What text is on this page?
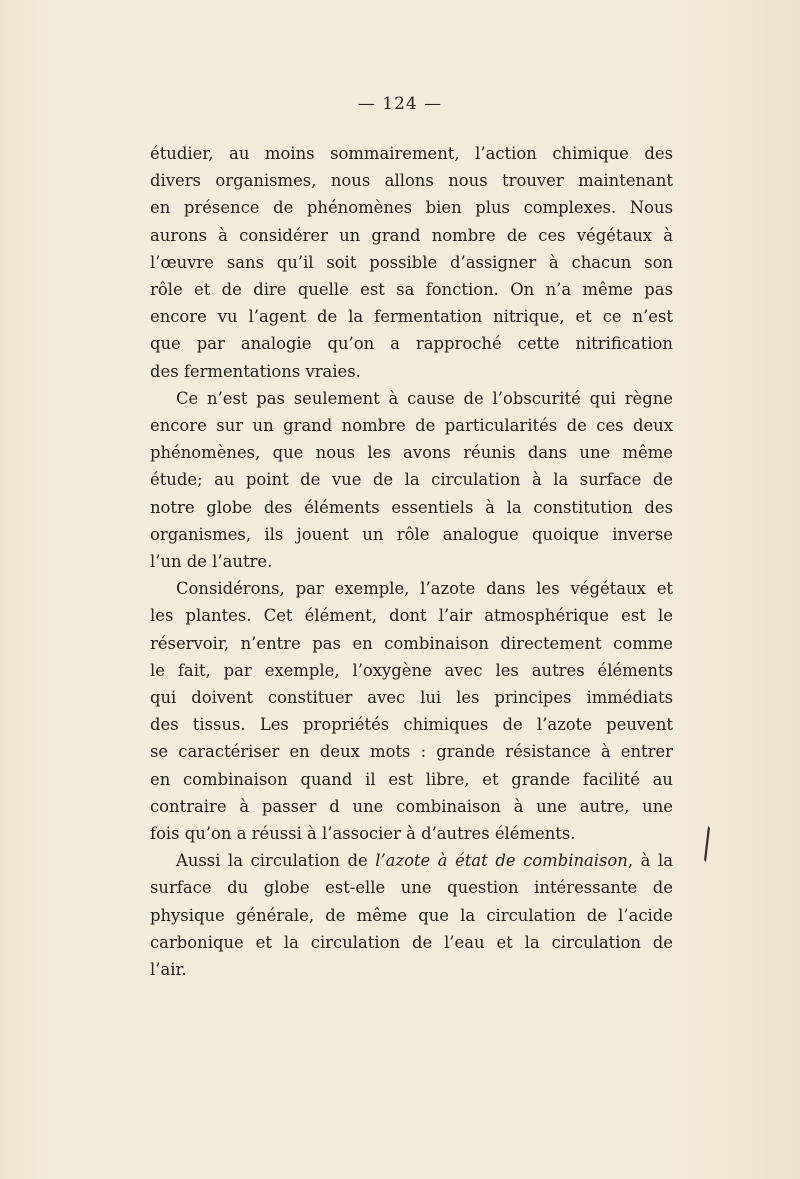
— 124 —
étudier, au moins sommairement, l’action chimique des
divers organismes, nous allons nous trouver maintenant
en présence de phénomènes bien plus complexes. Nous
aurons à considérer un grand nombre de ces végétaux à
l’œuvre sans qu’il soit possible d’assigner à chacun son
rôle et de dire quelle est sa fonction. On n’a même pas
encore vu l’agent de la fermentation nitrique, et ce n’est
que par analogie qu’on a rapproché cette nitrification
des fermentations vraies.
Ce n’est pas seulement à cause de l’obscurité qui règne
encore sur un grand nombre de particularités de ces deux
phénomènes, que nous les avons réunis dans une même
étude; au point de vue de la circulation à la surface de
notre globe des éléments essentiels à la constitution des
organismes, ils jouent un rôle analogue quoique inverse
l’un de l’autre.
Considérons, par exemple, l’azote dans les végétaux et
les plantes. Cet élément, dont l’air atmosphérique est le
réservoir, n’entre pas en combinaison directement comme
le fait, par exemple, l’oxygène avec les autres éléments
qui doivent constituer avec lui les principes immédiats
des tissus. Les propriétés chimiques de l’azote peuvent
se caractériser en deux mots : grande résistance à entrer
en combinaison quand il est libre, et grande facilité au
contraire à passer d une combinaison à une autre, une
fois qu’on a réussi à l’associer à d’autres éléments.
Aussi la circulation de l’azote à état de combinaison, à la
surface du globe est-elle une question intéressante de
physique générale, de même que la circulation de l’acide
carbonique et la circulation de l’eau et la circulation de
l’air.
